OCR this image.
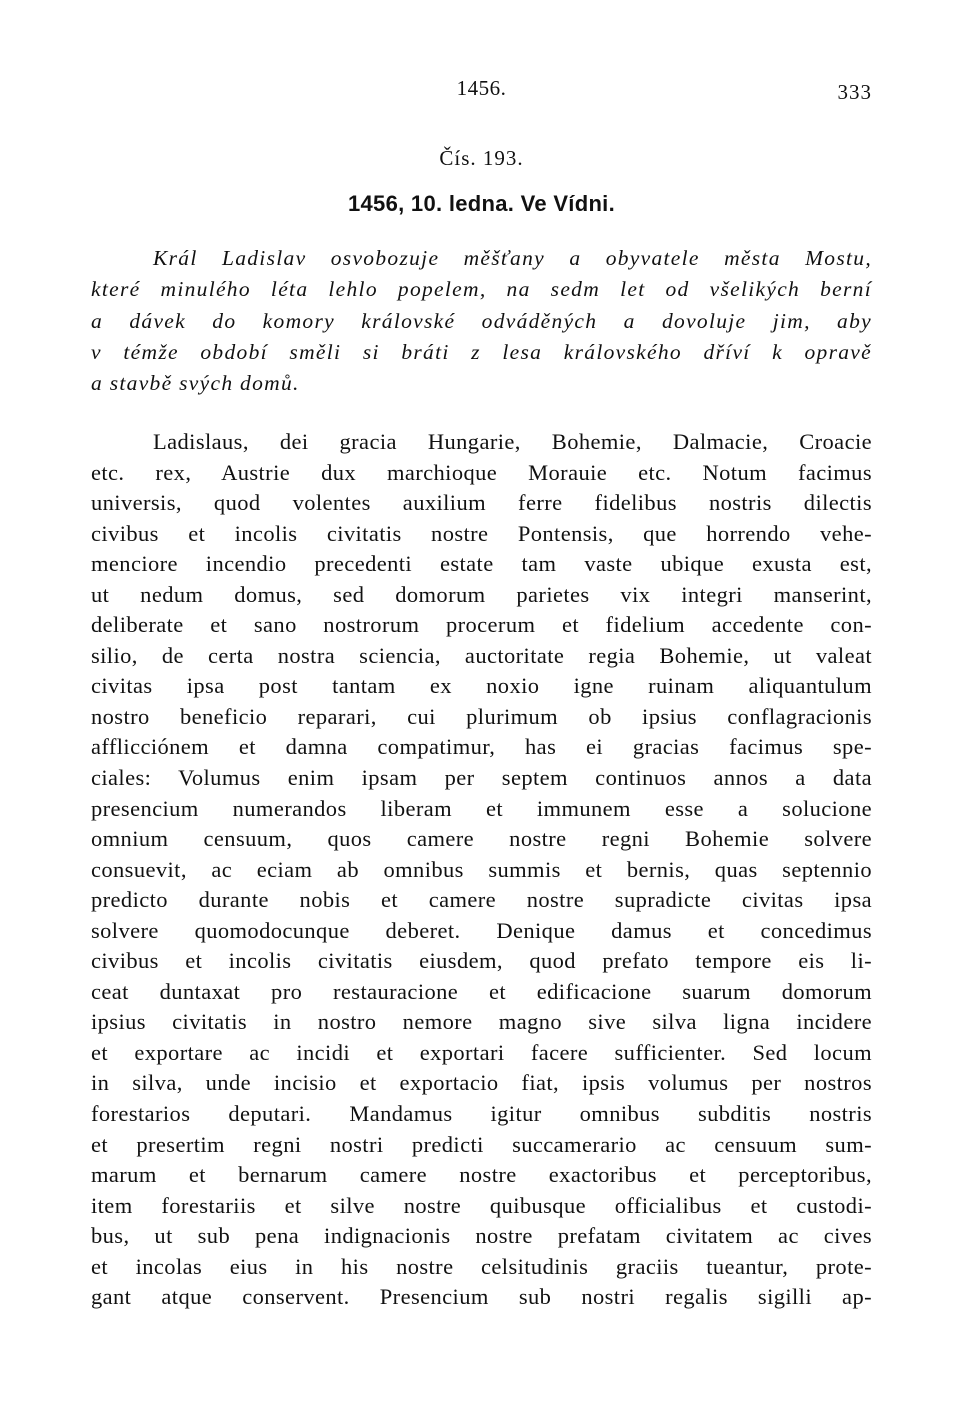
1456.	333
Čís. 193.
1456, 10. ledna. Ve Vídni.
Král Ladislav osvobozuje měšťany a obyvatele města Mostu,
které minulého léta lehlo popelem, na sedm let od všelikých berní
a dávek do komory královské odváděných a dovoluje jim, aby
v témže období směli si bráti z lesa královského dříví k opravě
a stavbě svých domů.
Ladislaus, dei gracia Hungarie, Bohemie, Dalmacie, Croacie
etc. rex, Austrie dux marchioque Morauie etc. Notum facimus
universis, quod volentes auxilium ferre fidelibus nostris dilectis
civibus et incolis civitatis nostre Pontensis, que horrendo vehe-
menciore incendio precedenti estate tam vaste ubique exusta est,
ut nedum domus, sed domorum parietes vix integri manserint,
deliberate et sano nostrorum procerum et fidelium accedente con-
silio, de certa nostra sciencia, auctoritate regia Bohemie, ut valeat
civitas ipsa post tantam ex noxio igne ruinam aliquantulum
nostro beneficio reparari, cui plurimum ob ipsius conflagracionis
afflicciónem et damna compatimur, has ei gracias facimus spe-
ciales: Volumus enim ipsam per septem continuos annos a data
presencium numerandos liberam et immunem esse a solucione
omnium censuum, quos camere nostre regni Bohemie solvere
consuevit, ac eciam ab omnibus summis et bernis, quas septennio
predicto durante nobis et camere nostre supradicte civitas ipsa
solvere quomodocunque deberet. Denique damus et concedimus
civibus et incolis civitatis eiusdem, quod prefato tempore eis li-
ceat duntaxat pro restauracione et edificacione suarum domorum
ipsius civitatis in nostro nemore magno sive silva ligna incidere
et exportare ac incidi et exportari facere sufficienter. Sed locum
in silva, unde incisio et exportacio fiat, ipsis volumus per nostros
forestarios deputari. Mandamus igitur omnibus subditis nostris
et presertim regni nostri predicti succamerario ac censuum sum-
marum et bernarum camere nostre exactoribus et perceptoribus,
item forestariis et silve nostre quibusque officialibus et custodi-
bus, ut sub pena indignacionis nostre prefatam civitatem ac cives
et incolas eius in his nostre celsitudinis graciis tueantur, prote-
gant atque conservent. Presencium sub nostri regalis sigilli ap-
